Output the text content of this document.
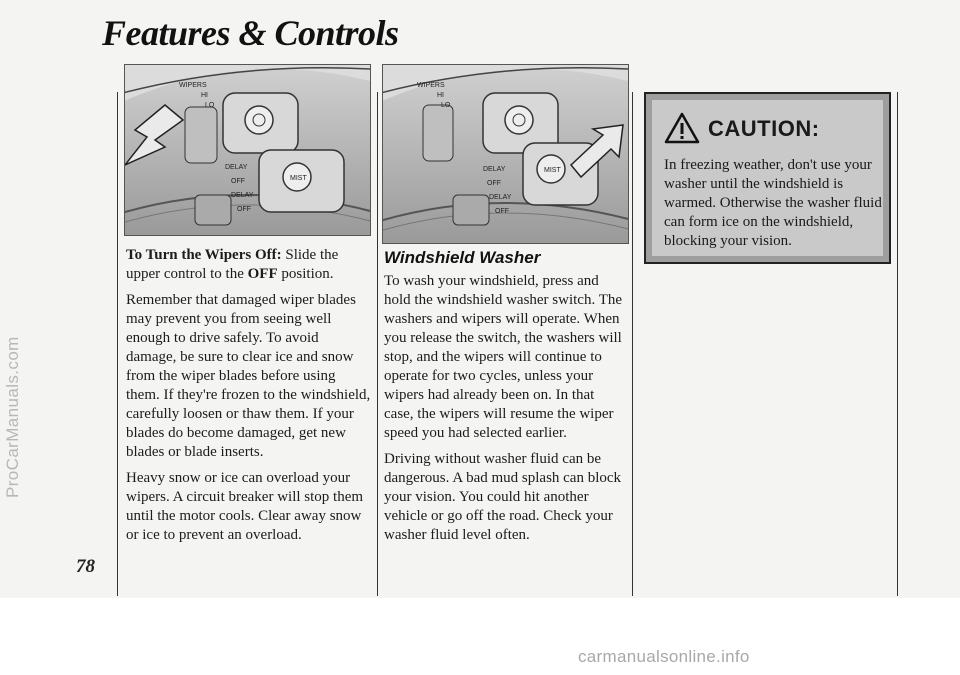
Features & Controls
ProCarManuals.com
78
MIST
WIPERS
HI
LO
DELAY
OFF
DELAY
OFF
MIST
WIPERS
HI
LO
DELAY
OFF
DELAY
OFF

To Turn the Wipers Off: Slide the upper control to the OFF position.

Remember that damaged wiper blades may prevent you from seeing well enough to drive safely. To avoid damage, be sure to clear ice and snow from the wiper blades before using them. If they're frozen to the windshield, carefully loosen or thaw them. If your blades do become damaged, get new blades or blade inserts.

Heavy snow or ice can overload your wipers. A circuit breaker will stop them until the motor cools. Clear away snow or ice to prevent an overload.

Windshield Washer

To wash your windshield, press and hold the windshield washer switch. The washers and wipers will operate. When you release the switch, the washers will stop, and the wipers will continue to operate for two cycles, unless your wipers had already been on. In that case, the wipers will resume the wiper speed you had selected earlier.

Driving without washer fluid can be dangerous. A bad mud splash can block your vision. You could hit another vehicle or go off the road. Check your washer fluid level often.

CAUTION:
In freezing weather, don't use your washer until the windshield is warmed. Otherwise the washer fluid can form ice on the windshield, blocking your vision.
carmanualsonline.info
